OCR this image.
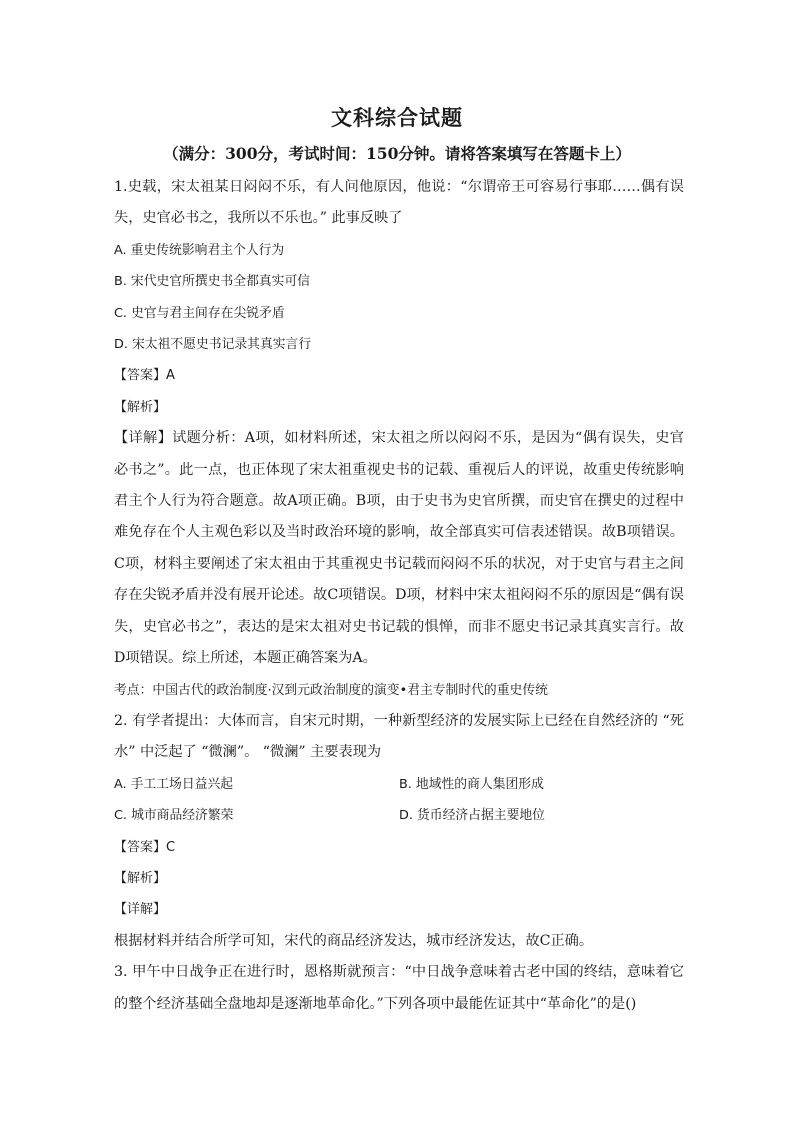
文科综合试题
（满分：300分，考试时间：150分钟。请将答案填写在答题卡上）

1.史载，宋太祖某日闷闷不乐，有人问他原因，他说：“尔谓帝王可容易行事耶……偶有误失，史官必书之，我所以不乐也。” 此事反映了

A. 重史传统影响君主个人行为

B. 宋代史官所撰史书全都真实可信

C. 史官与君主间存在尖锐矛盾

D. 宋太祖不愿史书记录其真实言行

【答案】A

【解析】

【详解】试题分析：A项，如材料所述，宋太祖之所以闷闷不乐，是因为“偶有误失，史官必书之”。此一点，也正体现了宋太祖重视史书的记载、重视后人的评说，故重史传统影响君主个人行为符合题意。故A项正确。B项，由于史书为史官所撰，而史官在撰史的过程中难免存在个人主观色彩以及当时政治环境的影响，故全部真实可信表述错误。故B项错误。C项，材料主要阐述了宋太祖由于其重视史书记载而闷闷不乐的状况，对于史官与君主之间存在尖锐矛盾并没有展开论述。故C项错误。D项，材料中宋太祖闷闷不乐的原因是“偶有误失，史官必书之”，表达的是宋太祖对史书记载的惧惮，而非不愿史书记录其真实言行。故D项错误。综上所述，本题正确答案为A。

考点：中国古代的政治制度·汉到元政治制度的演变•君主专制时代的重史传统

2. 有学者提出：大体而言，自宋元时期，一种新型经济的发展实际上已经在自然经济的 “死水” 中泛起了 “微澜”。 “微澜” 主要表现为

A. 手工工场日益兴起	B. 地域性的商人集团形成
C. 城市商品经济繁荣	D. 货币经济占据主要地位

【答案】C

【解析】

【详解】

根据材料并结合所学可知，宋代的商品经济发达，城市经济发达，故C正确。

3. 甲午中日战争正在进行时，恩格斯就预言：“中日战争意味着古老中国的终结，意味着它的整个经济基础全盘地却是逐渐地革命化。”下列各项中最能佐证其中“革命化”的是()
